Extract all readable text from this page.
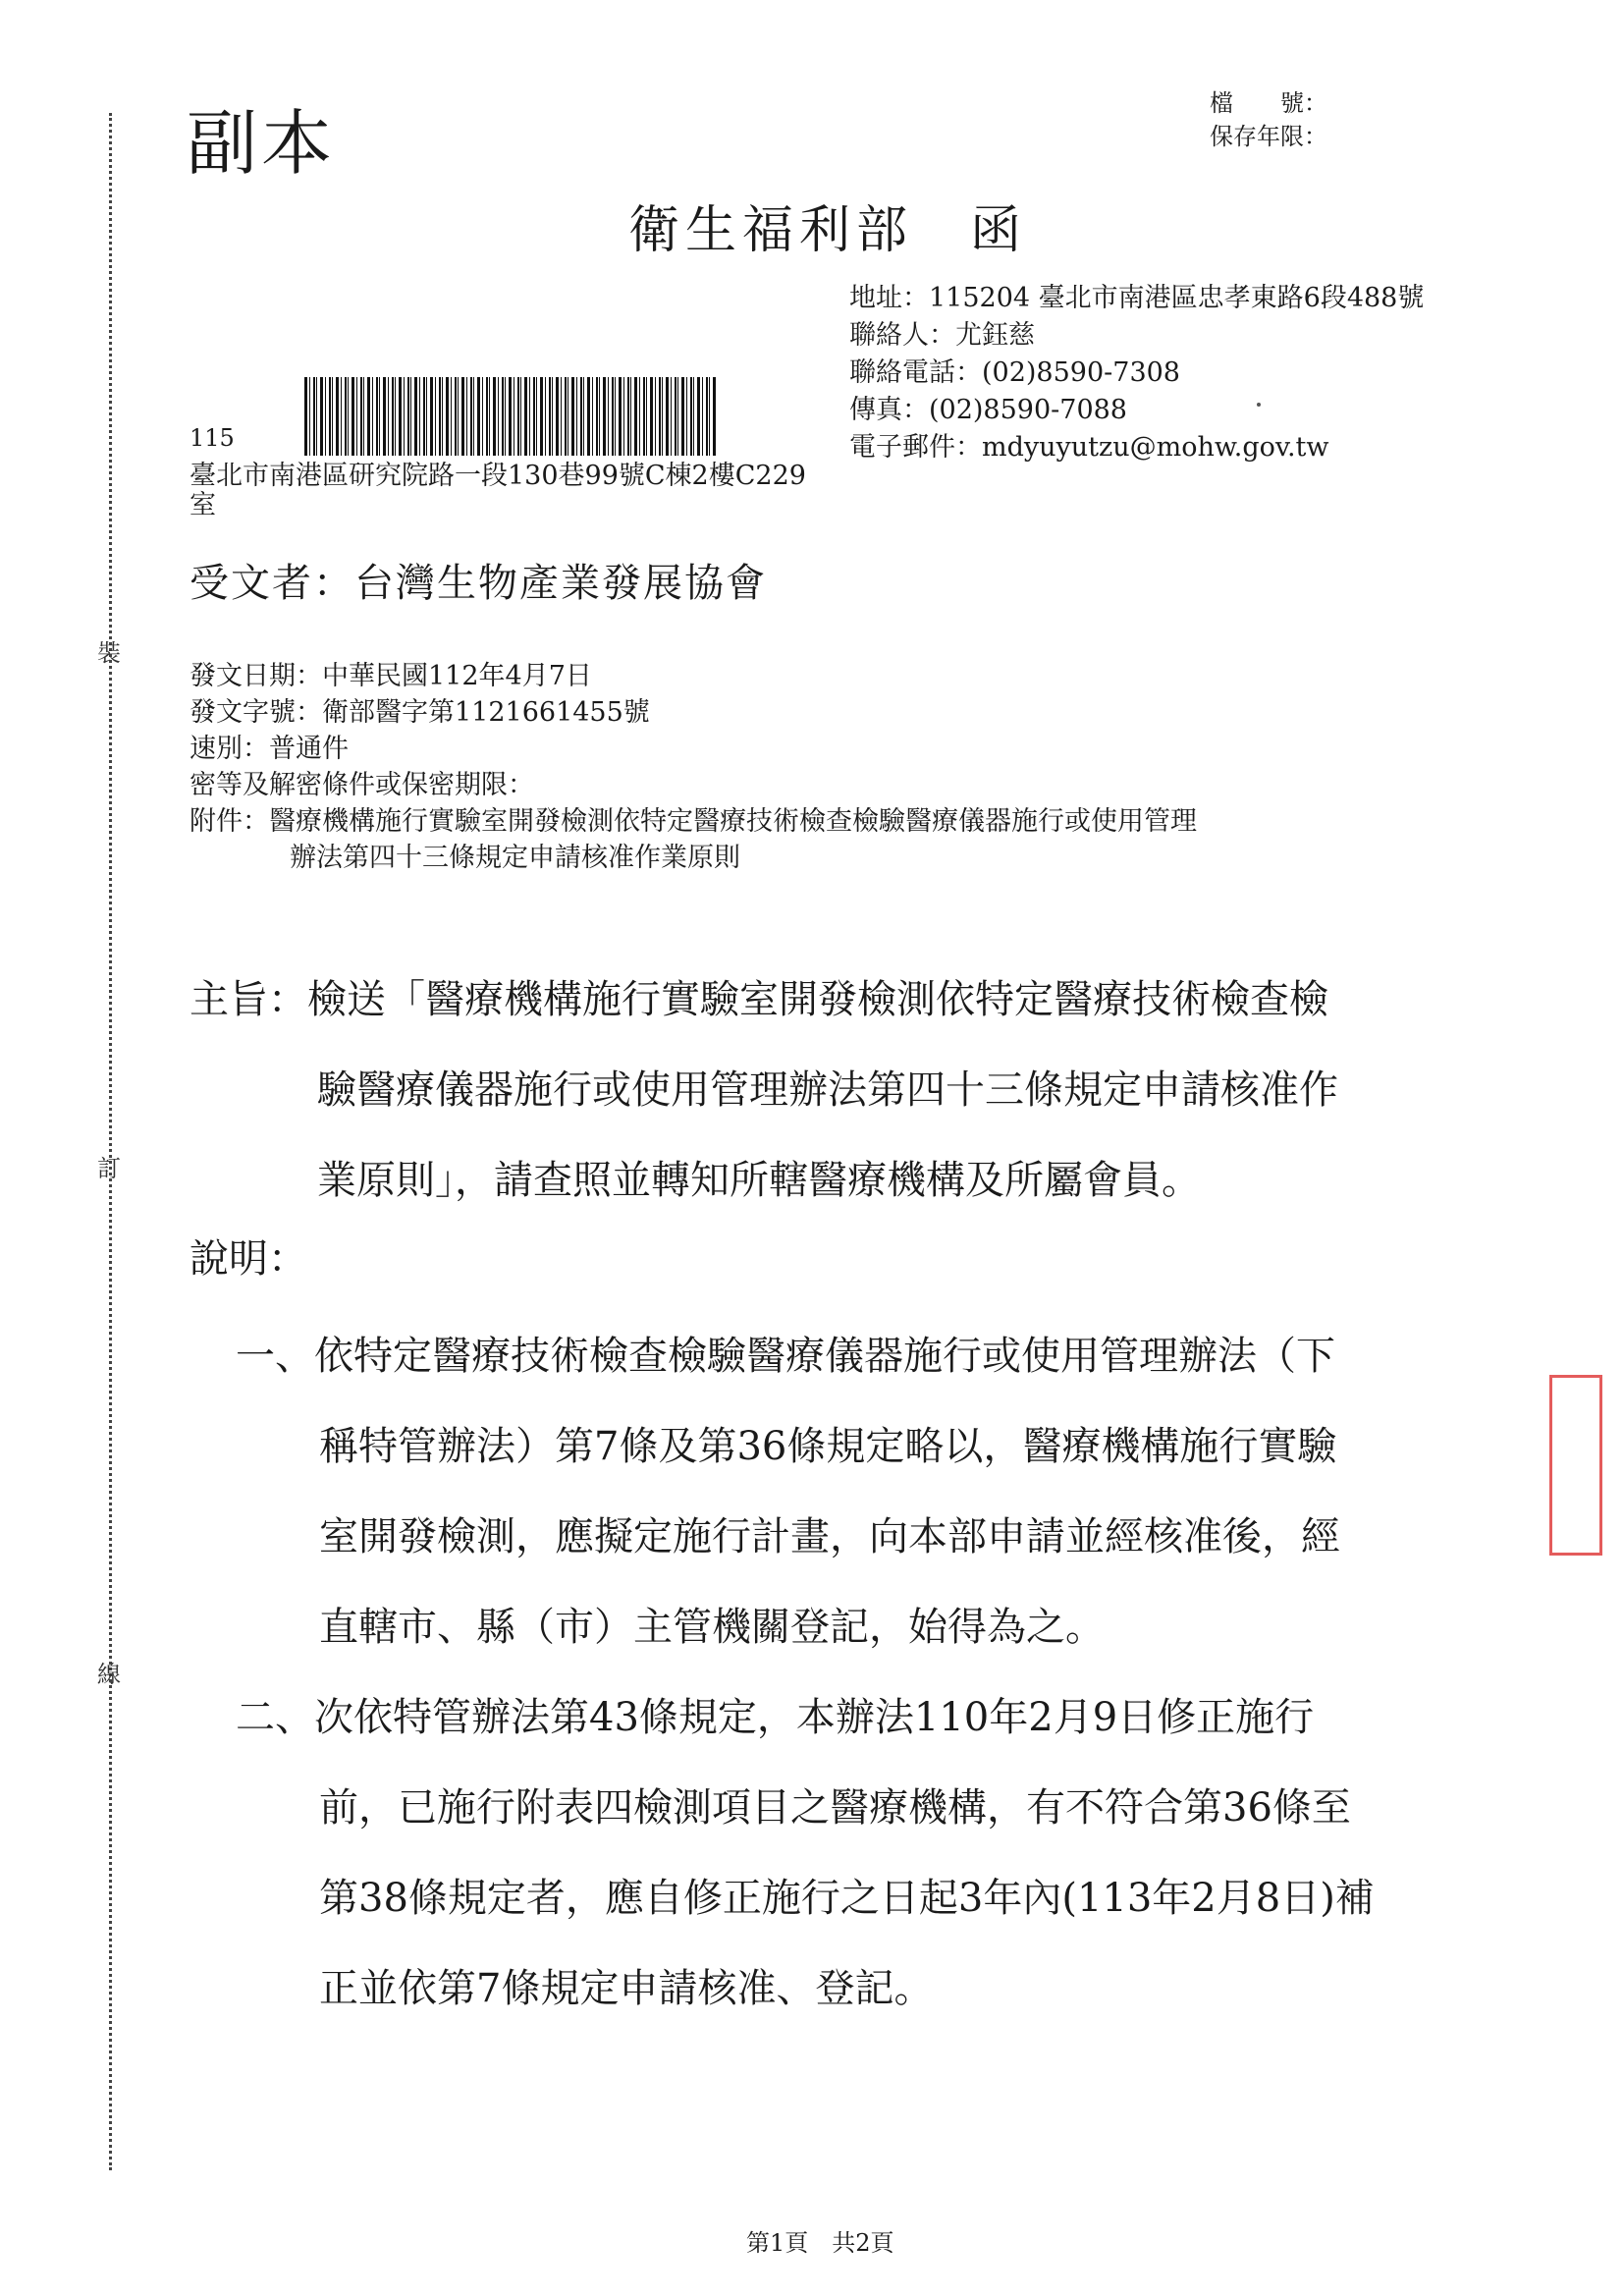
裝
訂
線
副本	檔　　號：
保存年限：
衛生福利部　函
地址：115204 臺北市南港區忠孝東路6段488號
聯絡人：尤鈺慈
聯絡電話：(02)8590-7308
傳真：(02)8590-7088
電子郵件：mdyuyutzu@mohw.gov.tw
115
臺北市南港區研究院路一段130巷99號C棟2樓C229
室
受文者：台灣生物產業發展協會
發文日期：中華民國112年4月7日
發文字號：衛部醫字第1121661455號
速別：普通件
密等及解密條件或保密期限：
附件：醫療機構施行實驗室開發檢測依特定醫療技術檢查檢驗醫療儀器施行或使用管理
辦法第四十三條規定申請核准作業原則
主旨：檢送「醫療機構施行實驗室開發檢測依特定醫療技術檢查檢
驗醫療儀器施行或使用管理辦法第四十三條規定申請核准作
業原則」，請查照並轉知所轄醫療機構及所屬會員。
說明：
一、依特定醫療技術檢查檢驗醫療儀器施行或使用管理辦法（下
稱特管辦法）第7條及第36條規定略以，醫療機構施行實驗
室開發檢測，應擬定施行計畫，向本部申請並經核准後，經
直轄市、縣（市）主管機關登記，始得為之。
二、次依特管辦法第43條規定，本辦法110年2月9日修正施行
前，已施行附表四檢測項目之醫療機構，有不符合第36條至
第38條規定者，應自修正施行之日起3年內(113年2月8日)補
正並依第7條規定申請核准、登記。
第1頁　共2頁
